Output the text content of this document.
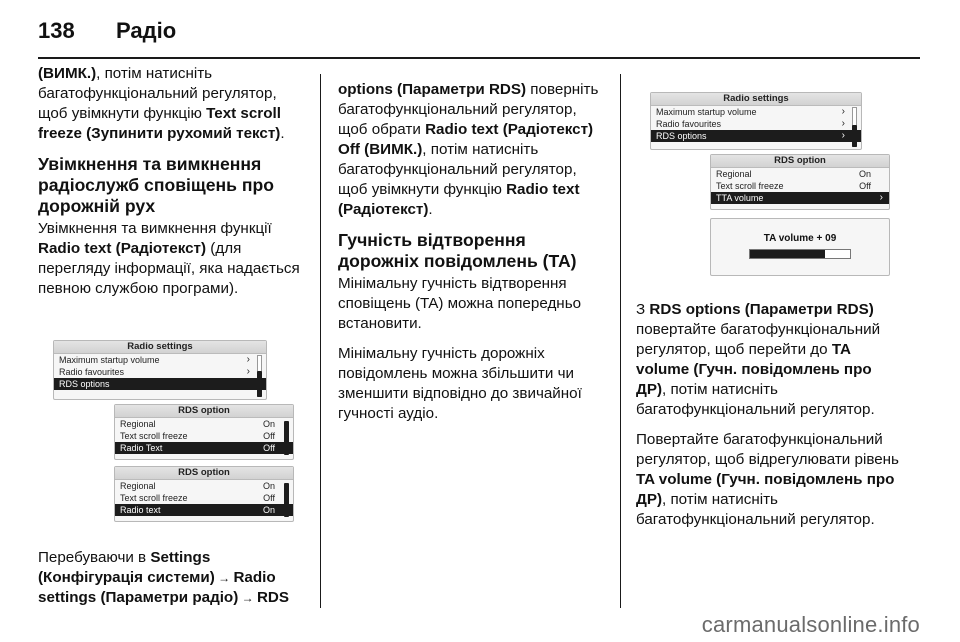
138 Радіо

(ВИМК.), потім натисніть багатофункціональний регулятор, щоб увімкнути функцію Text scroll freeze (Зупинити рухомий текст).

Увімкнення та вимкнення радіослужб сповіщень про дорожній рух

Увімкнення та вимкнення функції Radio text (Радіотекст) (для перегляду інформації, яка надається певною службою програми).

Radio settings
Maximum startup volume	›
Radio favourites	›
RDS options
RDS option
Regional	On
Text scroll freeze	Off
Radio Text	Off
RDS option
Regional	On
Text scroll freeze	Off
Radio text	On

Перебуваючи в Settings (Конфігурація системи) → Radio settings (Параметри радіо) → RDS

options (Параметри RDS) поверніть багатофункціональний регулятор, щоб обрати Radio text (Радіотекст) Off (ВИМК.), потім натисніть багатофункціональний регулятор, щоб увімкнути функцію Radio text (Радіотекст).

Гучність відтворення дорожніх повідомлень (TA)

Мінімальну гучність відтворення сповіщень (TA) можна попередньо встановити.

Мінімальну гучність дорожніх повідомлень можна збільшити чи зменшити відповідно до звичайної гучності аудіо.

Radio settings
Maximum startup volume	›
Radio favourites	›
RDS options	›
RDS option
Regional	On
Text scroll freeze	Off
TTA volume	›
TA volume + 09

З RDS options (Параметри RDS) повертайте багатофункціональний регулятор, щоб перейти до TA volume (Гучн. повідомлень про ДР), потім натисніть багатофункціональний регулятор.

Повертайте багатофункціональний регулятор, щоб відрегулювати рівень TA volume (Гучн. повідомлень про ДР), потім натисніть багатофункціональний регулятор.

carmanualsonline.info
